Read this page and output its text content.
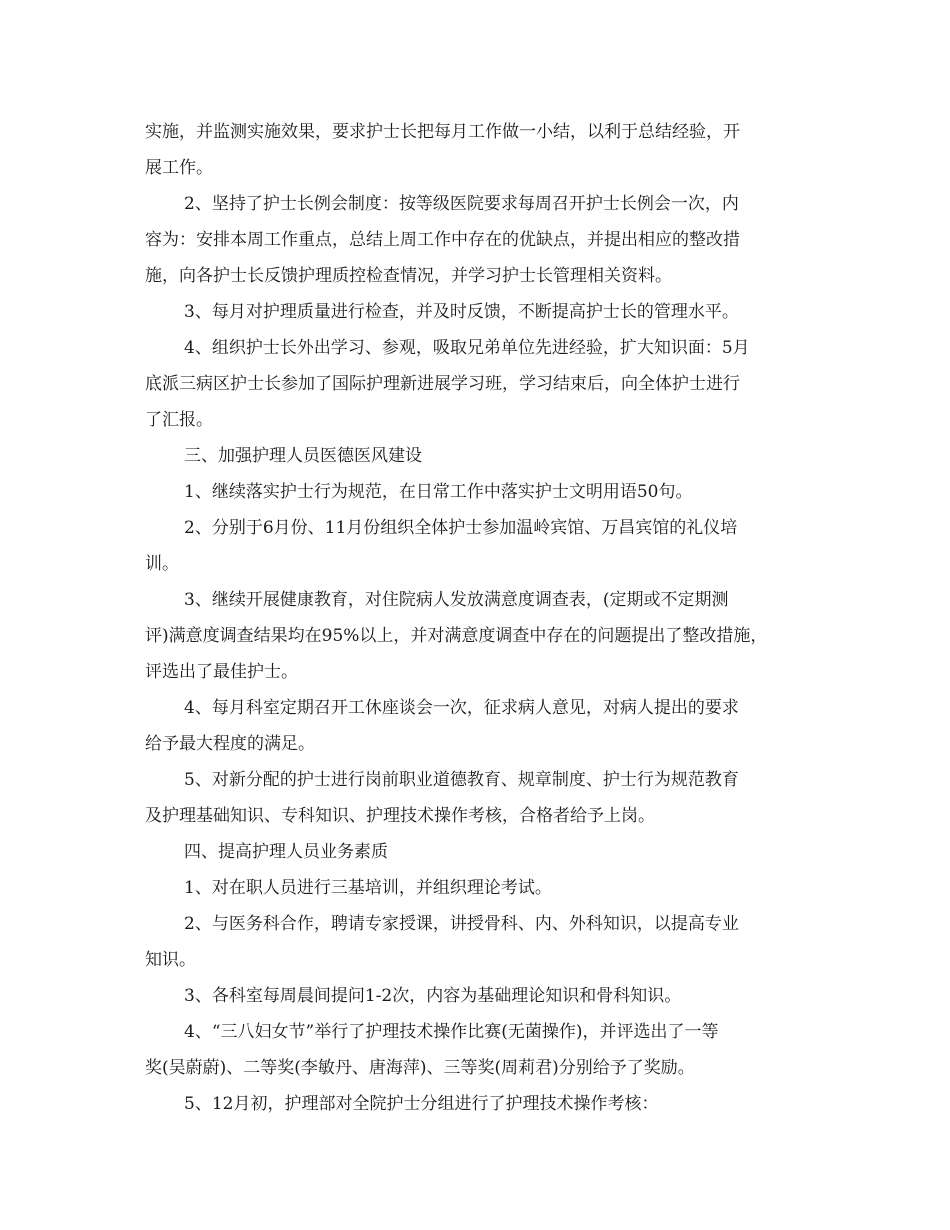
实施，并监测实施效果，要求护士长把每月工作做一小结，以利于总结经验，开
展工作。
2、坚持了护士长例会制度：按等级医院要求每周召开护士长例会一次，内
容为：安排本周工作重点，总结上周工作中存在的优缺点，并提出相应的整改措
施，向各护士长反馈护理质控检查情况，并学习护士长管理相关资料。
3、每月对护理质量进行检查，并及时反馈，不断提高护士长的管理水平。
4、组织护士长外出学习、参观，吸取兄弟单位先进经验，扩大知识面：5月
底派三病区护士长参加了国际护理新进展学习班，学习结束后，向全体护士进行
了汇报。
三、加强护理人员医德医风建设
1、继续落实护士行为规范，在日常工作中落实护士文明用语50句。
2、分别于6月份、11月份组织全体护士参加温岭宾馆、万昌宾馆的礼仪培
训。
3、继续开展健康教育，对住院病人发放满意度调查表，(定期或不定期测
评)满意度调查结果均在95%以上，并对满意度调查中存在的问题提出了整改措施，
评选出了最佳护士。
4、每月科室定期召开工休座谈会一次，征求病人意见，对病人提出的要求
给予最大程度的满足。
5、对新分配的护士进行岗前职业道德教育、规章制度、护士行为规范教育
及护理基础知识、专科知识、护理技术操作考核，合格者给予上岗。
四、提高护理人员业务素质
1、对在职人员进行三基培训，并组织理论考试。
2、与医务科合作，聘请专家授课，讲授骨科、内、外科知识，以提高专业
知识。
3、各科室每周晨间提问1-2次，内容为基础理论知识和骨科知识。
4、“三八妇女节”举行了护理技术操作比赛(无菌操作)，并评选出了一等
奖(吴蔚蔚)、二等奖(李敏丹、唐海萍)、三等奖(周莉君)分别给予了奖励。
5、12月初，护理部对全院护士分组进行了护理技术操作考核：
